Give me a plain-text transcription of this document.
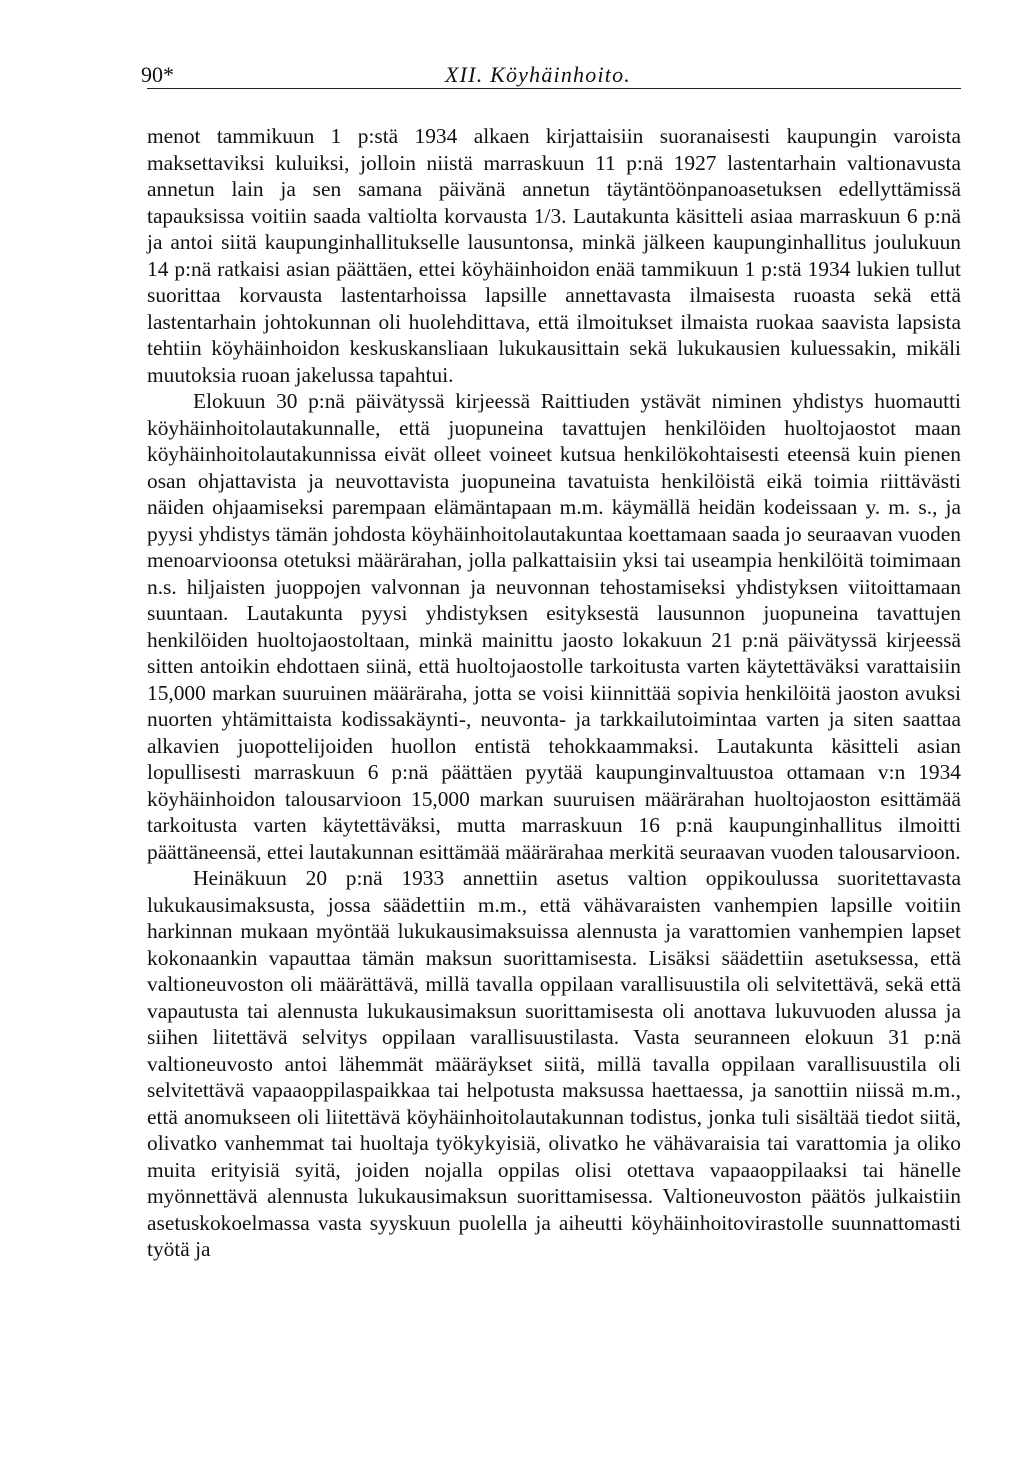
90*	XII. Köyhäinhoito.

menot tammikuun 1 p:stä 1934 alkaen kirjattaisiin suoranaisesti kaupungin varoista maksettaviksi kuluiksi, jolloin niistä marraskuun 11 p:nä 1927 lastentarhain valtionavusta annetun lain ja sen samana päivänä annetun täytäntöönpanoasetuksen edellyttämissä tapauksissa voitiin saada valtiolta korvausta 1/3. Lautakunta käsitteli asiaa marraskuun 6 p:nä ja antoi siitä kaupunginhallitukselle lausuntonsa, minkä jälkeen kaupunginhallitus joulukuun 14 p:nä ratkaisi asian päättäen, ettei köyhäinhoidon enää tammikuun 1 p:stä 1934 lukien tullut suorittaa korvausta lastentarhoissa lapsille annettavasta ilmaisesta ruoasta sekä että lastentarhain johtokunnan oli huolehdittava, että ilmoitukset ilmaista ruokaa saavista lapsista tehtiin köyhäinhoidon keskuskansliaan lukukausittain sekä lukukausien kuluessakin, mikäli muutoksia ruoan jakelussa tapahtui.

Elokuun 30 p:nä päivätyssä kirjeessä Raittiuden ystävät niminen yhdistys huomautti köyhäinhoitolautakunnalle, että juopuneina tavattujen henkilöiden huoltojaostot maan köyhäinhoitolautakunnissa eivät olleet voineet kutsua henkilökohtaisesti eteensä kuin pienen osan ohjattavista ja neuvottavista juopuneina tavatuista henkilöistä eikä toimia riittävästi näiden ohjaamiseksi parempaan elämäntapaan m.m. käymällä heidän kodeissaan y. m. s., ja pyysi yhdistys tämän johdosta köyhäinhoitolautakuntaa koettamaan saada jo seuraavan vuoden menoarvioonsa otetuksi määrärahan, jolla palkattaisiin yksi tai useampia henkilöitä toimimaan n.s. hiljaisten juoppojen valvonnan ja neuvonnan tehostamiseksi yhdistyksen viitoittamaan suuntaan. Lautakunta pyysi yhdistyksen esityksestä lausunnon juopuneina tavattujen henkilöiden huoltojaostoltaan, minkä mainittu jaosto lokakuun 21 p:nä päivätyssä kirjeessä sitten antoikin ehdottaen siinä, että huoltojaostolle tarkoitusta varten käytettäväksi varattaisiin 15,000 markan suuruinen määräraha, jotta se voisi kiinnittää sopivia henkilöitä jaoston avuksi nuorten yhtämittaista kodissakäynti-, neuvonta- ja tarkkailutoimintaa varten ja siten saattaa alkavien juopottelijoiden huollon entistä tehokkaammaksi. Lautakunta käsitteli asian lopullisesti marraskuun 6 p:nä päättäen pyytää kaupunginvaltuustoa ottamaan v:n 1934 köyhäinhoidon talousarvioon 15,000 markan suuruisen määrärahan huoltojaoston esittämää tarkoitusta varten käytettäväksi, mutta marraskuun 16 p:nä kaupunginhallitus ilmoitti päättäneensä, ettei lautakunnan esittämää määrärahaa merkitä seuraavan vuoden talousarvioon.

Heinäkuun 20 p:nä 1933 annettiin asetus valtion oppikoulussa suoritettavasta lukukausimaksusta, jossa säädettiin m.m., että vähävaraisten vanhempien lapsille voitiin harkinnan mukaan myöntää lukukausimaksuissa alennusta ja varattomien vanhempien lapset kokonaankin vapauttaa tämän maksun suorittamisesta. Lisäksi säädettiin asetuksessa, että valtioneuvoston oli määrättävä, millä tavalla oppilaan varallisuustila oli selvitettävä, sekä että vapautusta tai alennusta lukukausimaksun suorittamisesta oli anottava lukuvuoden alussa ja siihen liitettävä selvitys oppilaan varallisuustilasta. Vasta seuranneen elokuun 31 p:nä valtioneuvosto antoi lähemmät määräykset siitä, millä tavalla oppilaan varallisuustila oli selvitettävä vapaaoppilaspaikkaa tai helpotusta maksussa haettaessa, ja sanottiin niissä m.m., että anomukseen oli liitettävä köyhäinhoitolautakunnan todistus, jonka tuli sisältää tiedot siitä, olivatko vanhemmat tai huoltaja työkykyisiä, olivatko he vähävaraisia tai varattomia ja oliko muita erityisiä syitä, joiden nojalla oppilas olisi otettava vapaaoppilaaksi tai hänelle myönnettävä alennusta lukukausimaksun suorittamisessa. Valtioneuvoston päätös julkaistiin asetuskokoelmassa vasta syyskuun puolella ja aiheutti köyhäinhoitovirastolle suunnattomasti työtä ja
